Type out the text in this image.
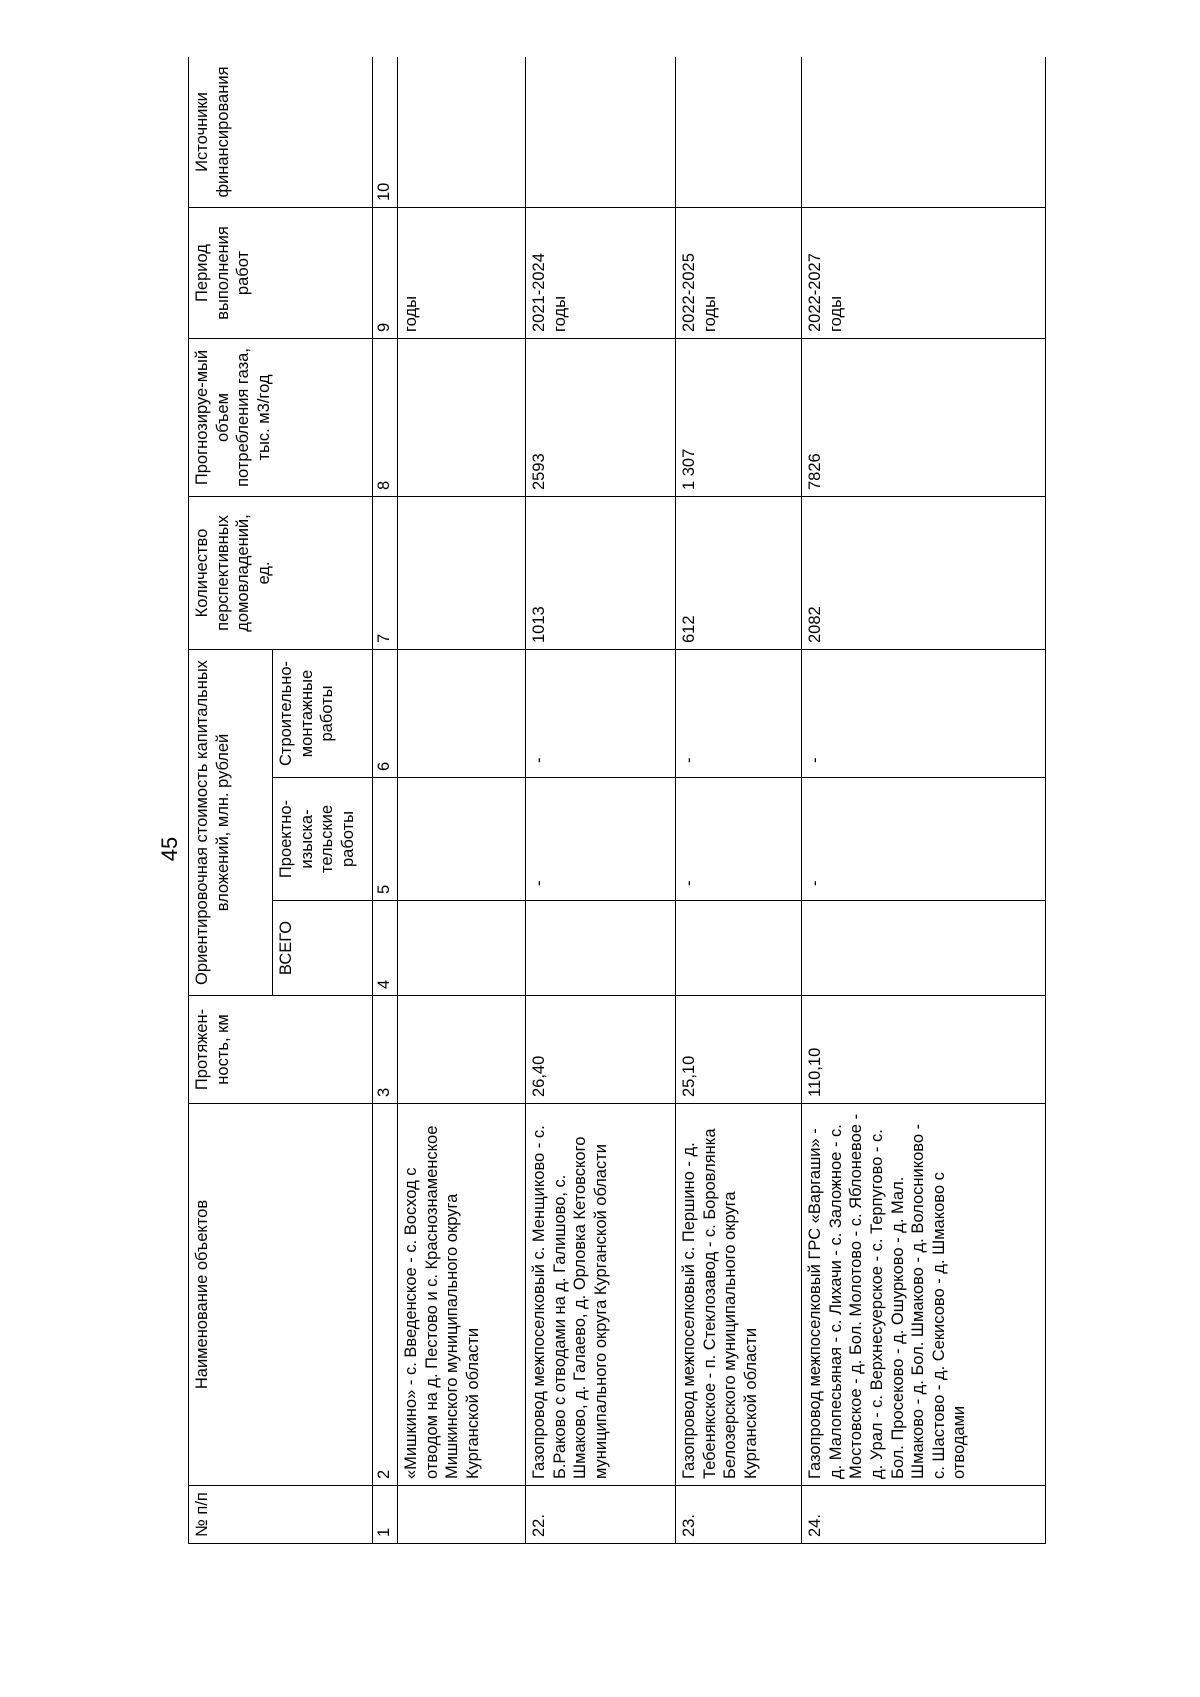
45
№ п/п	Наименование объектов	Протяжен-ность, км	Ориентировочная стоимость капитальных вложений, млн. рублей			Количество перспективных домовладений, ед.	Прогнозируе-мый объем потребления газа, тыс. м3/год	Период выполнения работ	Источники финансирования
			ВСЕГО	Проектно-изыска-тельские работы	Строительно-монтажные работы				
1	2	3	4	5	6	7	8	9	10
	«Мишкино» - с. Введенское - с. Восход с отводом на д. Пестово и с. Краснознаменское Мишкинского муниципального округа Курганской области							годы	
22.	Газопровод межпоселковый с. Менщиково - с. Б.Раково с отводами на д. Галишово, с. Шмаково, д. Галаево, д. Орловка Кетовского муниципального округа Курганской области	26,40		-	-	1013	2593	2021-2024 годы	
23.	Газопровод межпоселковый с. Першино - д. Тебенякское - п. Стеклозавод - с. Боровлянка Белозерского муниципального округа Курганской области	25,10		-	-	612	1 307	2022-2025 годы	
24.	Газопровод межпоселковый ГРС «Варгаши» - д. Малопесьяная - с. Лихачи - с. Заложное - с. Мостовское - д. Бол. Молотово - с. Яблоневое - д. Урал - с. Верхнесуерское - с. Терпугово - с. Бол. Просеково - д. Ошурково - д. Мал. Шмаково - д. Бол. Шмаково - д. Волосниково - с. Шастово - д. Секисово - д. Шмаково с отводами	110,10		-	-	2082	7826	2022-2027 годы	
